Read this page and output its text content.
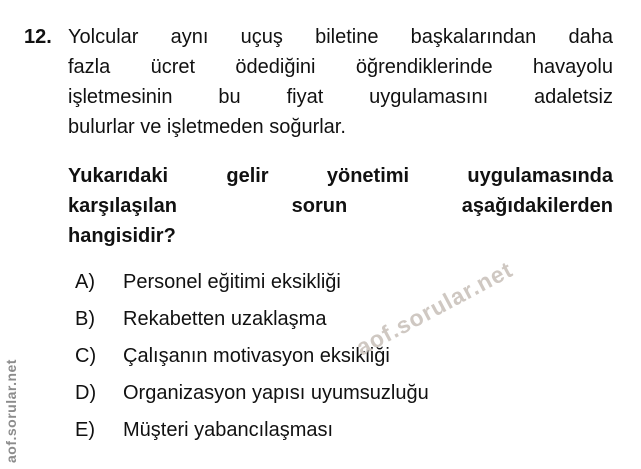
12. Yolcular aynı uçuş biletine başkalarından daha
fazla ücret ödediğini öğrendiklerinde havayolu
işletmesinin bu fiyat uygulamasını adaletsiz
bulurlar ve işletmeden soğurlar.
Yukarıdaki gelir yönetimi uygulamasında
karşılaşılan sorun aşağıdakilerden
hangisidir?
A)	Personel eğitimi eksikliği
B)	Rekabetten uzaklaşma
C)	Çalışanın motivasyon eksikliği
D)	Organizasyon yapısı uyumsuzluğu
E)	Müşteri yabancılaşması
aof.sorular.net
aof.sorular.net
